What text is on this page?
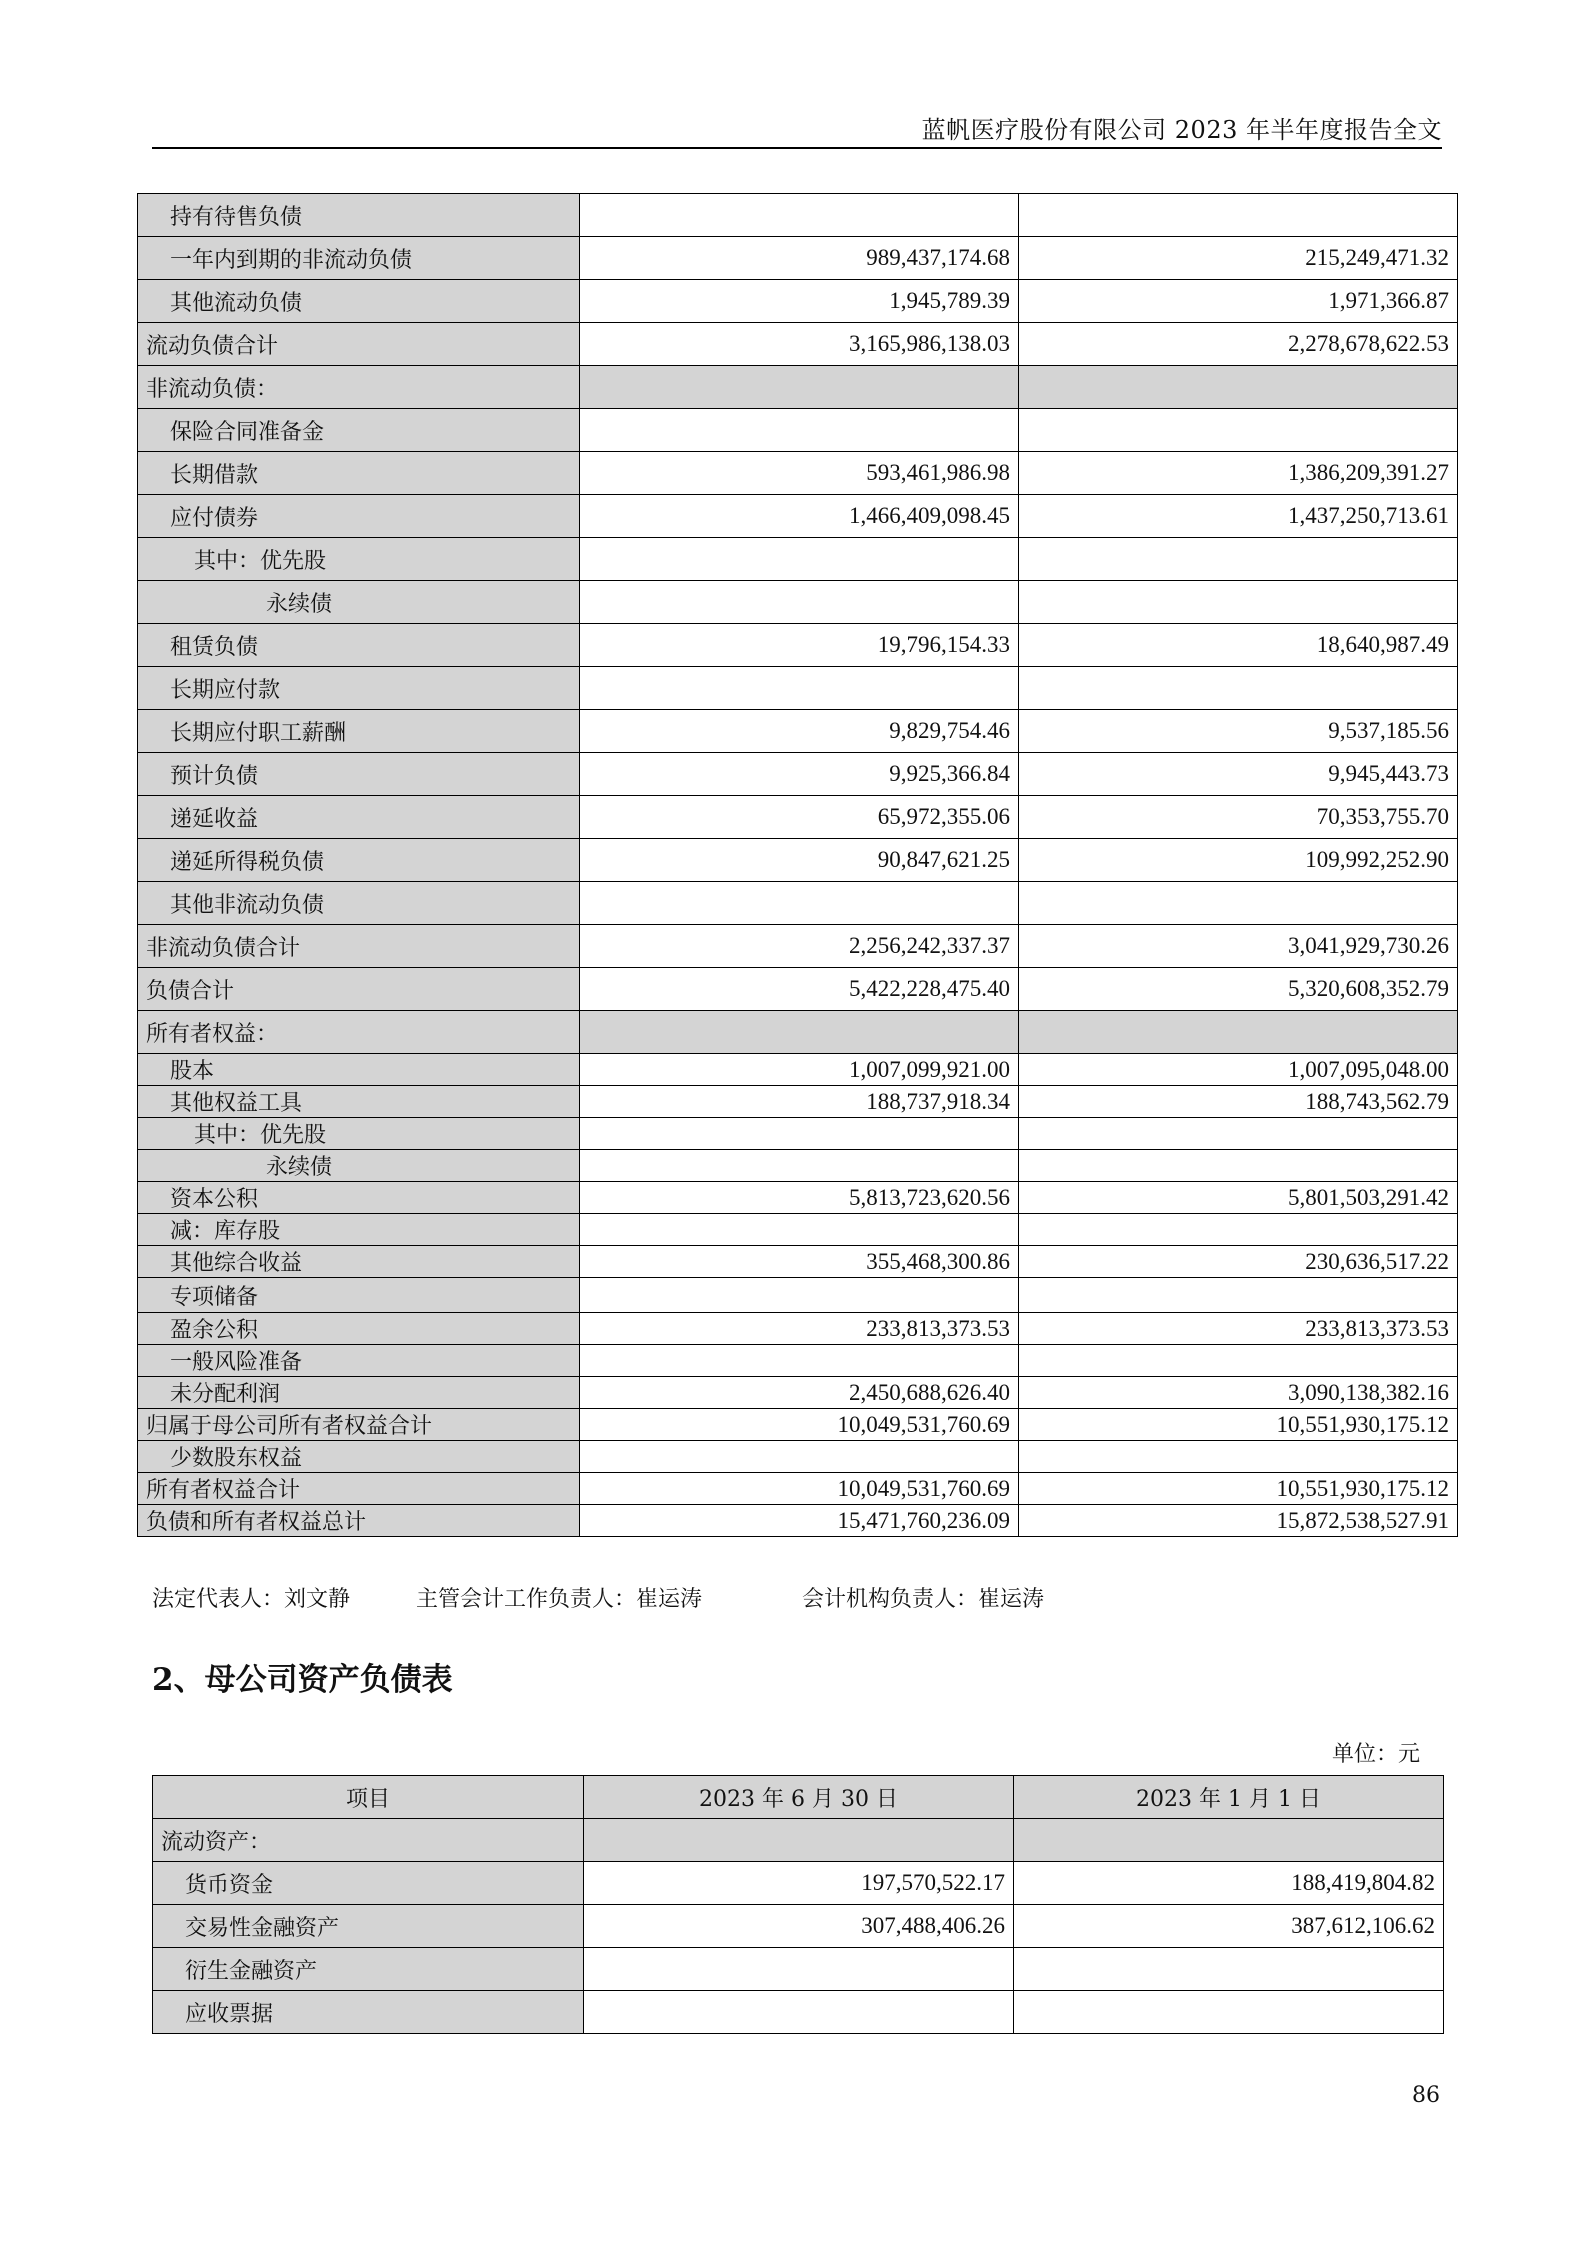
蓝帆医疗股份有限公司 2023 年半年度报告全文
持有待售负债		
一年内到期的非流动负债	989,437,174.68	215,249,471.32
其他流动负债	1,945,789.39	1,971,366.87
流动负债合计	3,165,986,138.03	2,278,678,622.53
非流动负债：		
保险合同准备金		
长期借款	593,461,986.98	1,386,209,391.27
应付债券	1,466,409,098.45	1,437,250,713.61
其中：优先股		
永续债		
租赁负债	19,796,154.33	18,640,987.49
长期应付款		
长期应付职工薪酬	9,829,754.46	9,537,185.56
预计负债	9,925,366.84	9,945,443.73
递延收益	65,972,355.06	70,353,755.70
递延所得税负债	90,847,621.25	109,992,252.90
其他非流动负债		
非流动负债合计	2,256,242,337.37	3,041,929,730.26
负债合计	5,422,228,475.40	5,320,608,352.79
所有者权益：		
股本	1,007,099,921.00	1,007,095,048.00
其他权益工具	188,737,918.34	188,743,562.79
其中：优先股		
永续债		
资本公积	5,813,723,620.56	5,801,503,291.42
减：库存股		
其他综合收益	355,468,300.86	230,636,517.22
专项储备		
盈余公积	233,813,373.53	233,813,373.53
一般风险准备		
未分配利润	2,450,688,626.40	3,090,138,382.16
归属于母公司所有者权益合计	10,049,531,760.69	10,551,930,175.12
少数股东权益		
所有者权益合计	10,049,531,760.69	10,551,930,175.12
负债和所有者权益总计	15,471,760,236.09	15,872,538,527.91
法定代表人：刘文静	主管会计工作负责人：崔运涛	会计机构负责人：崔运涛
2、母公司资产负债表
单位：元
项目	2023 年 6 月 30 日	2023 年 1 月 1 日
流动资产：		
货币资金	197,570,522.17	188,419,804.82
交易性金融资产	307,488,406.26	387,612,106.62
衍生金融资产		
应收票据		
86
